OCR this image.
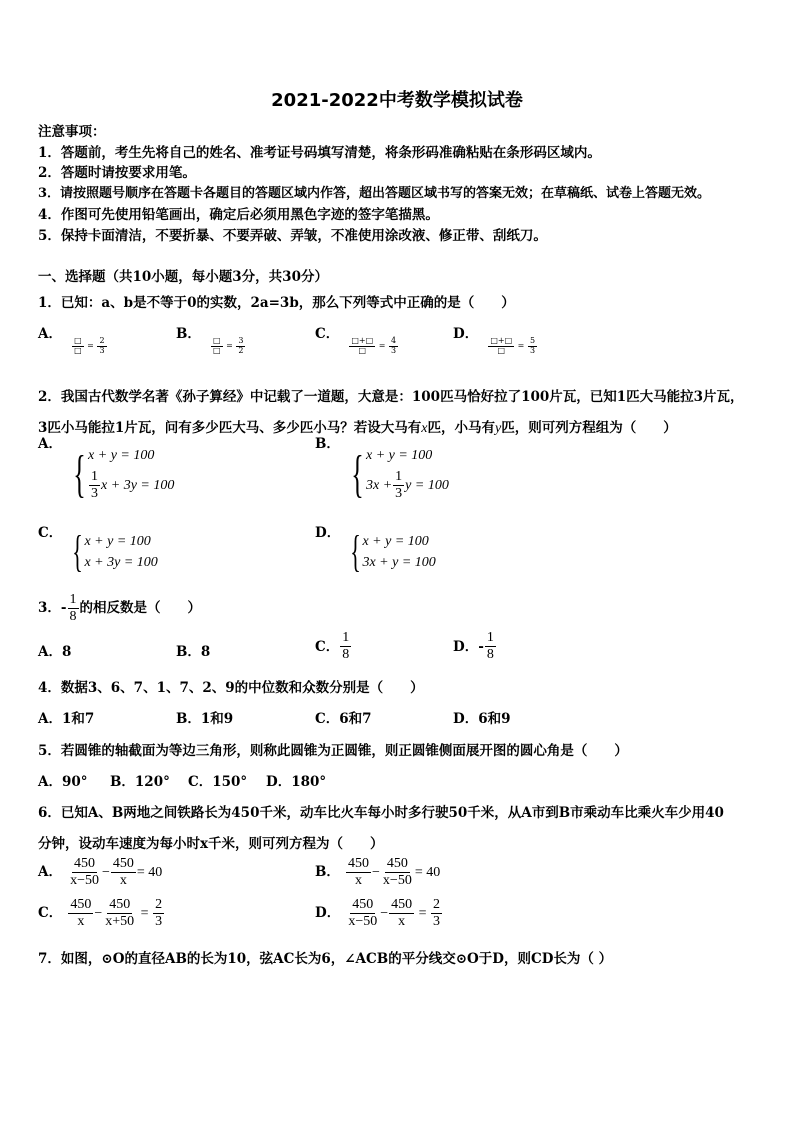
2021-2022中考数学模拟试卷
注意事项：
1．答题前，考生先将自己的姓名、准考证号码填写清楚，将条形码准确粘贴在条形码区域内。
2．答题时请按要求用笔。
3．请按照题号顺序在答题卡各题目的答题区域内作答，超出答题区域书写的答案无效；在草稿纸、试卷上答题无效。
4．作图可先使用铅笔画出，确定后必须用黑色字迹的签字笔描黑。
5．保持卡面清洁，不要折暴、不要弄破、弄皱，不准使用涂改液、修正带、刮纸刀。
一、选择题（共10小题，每小题3分，共30分）
1．已知：a、b是不等于0的实数，2a=3b，那么下列等式中正确的是（　　）
A．
$_{\frac{□}{□} = \frac{2}{3}}$
B．
$_{\frac{□}{□} = \frac{3}{2}}$
C．
$_{\frac{□+□}{□} = \frac{4}{3}}$
D．
$_{\frac{□+□}{□} = \frac{5}{3}}$
2．我国古代数学名著《孙子算经》中记载了一道题，大意是：100匹马恰好拉了100片瓦，已知1匹大马能拉3片瓦，
3匹小马能拉1片瓦，问有多少匹大马、多少匹小马？若设大马有x匹，小马有y匹，则可列方程组为（　　）
$^{A.}$
{ x + y = 100
$\frac{1}{3}$ x + 3y = 100
$^{B.}$
{ x + y = 100
$3x + \frac{1}{3}$ y = 100
$^{C.}$ { x + y = 100
x + 3y = 100
$^{D.}$ { x + y = 100
3x + y = 100
3．- $\frac{1}{8}$ 的相反数是（　　）
A．8	B．8	C． $\frac{1}{8}$	D．- $\frac{1}{8}$
4．数据3、6、7、1、7、2、9的中位数和众数分别是（　　）
A．1和7	B．1和9	C．6和7	D．6和9
5．若圆锥的轴截面为等边三角形，则称此圆锥为正圆锥，则正圆锥侧面展开图的圆心角是（　　）
A．90° B．120° C．150° D．180°
6．已知A、B两地之间铁路长为450千米，动车比火车每小时多行驶50千米，从A市到B市乘动车比乘火车少用40
分钟，设动车速度为每小时x千米，则可列方程为（　　）
A． $\frac{450}{x-50} - \frac{450}{x} = 40$	B． $\frac{450}{x} - \frac{450}{x-50} = 40$
C． $\frac{450}{x} - \frac{450}{x+50} = \frac{2}{3}$	D． $\frac{450}{x-50} - \frac{450}{x} = \frac{2}{3}$
7．如图，⊙O的直径AB的长为10，弦AC长为6，∠ACB的平分线交⊙O于D，则CD长为（ ）
